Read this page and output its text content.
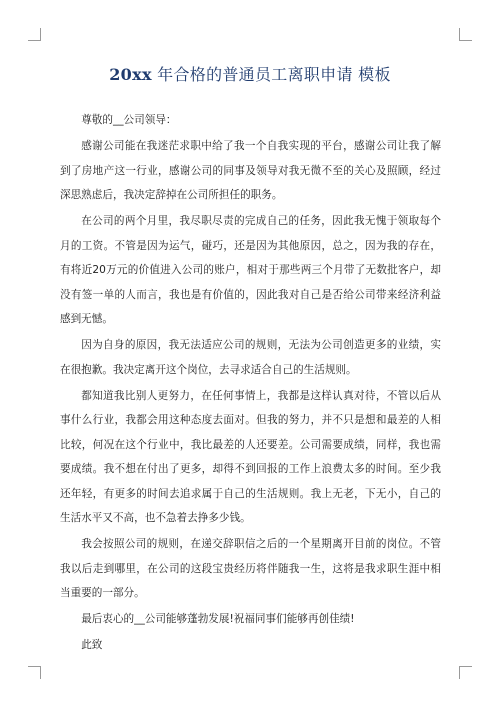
20xx 年合格的普通员工离职申请 模板

尊敬的__公司领导：

感谢公司能在我迷茫求职中给了我一个自我实现的平台，感谢公司让我了解到了房地产这一行业，感谢公司的同事及领导对我无微不至的关心及照顾，经过深思熟虑后，我决定辞掉在公司所担任的职务。

在公司的两个月里，我尽职尽责的完成自己的任务，因此我无愧于领取每个月的工资。不管是因为运气，碰巧，还是因为其他原因，总之，因为我的存在，有将近20万元的价值进入公司的账户，相对于那些两三个月带了无数批客户，却没有签一单的人而言，我也是有价值的，因此我对自己是否给公司带来经济利益感到无憾。

因为自身的原因，我无法适应公司的规则，无法为公司创造更多的业绩，实在很抱歉。我决定离开这个岗位，去寻求适合自己的生活规则。

都知道我比别人更努力，在任何事情上，我都是这样认真对待，不管以后从事什么行业，我都会用这种态度去面对。但我的努力，并不只是想和最差的人相比较，何况在这个行业中，我比最差的人还要差。公司需要成绩，同样，我也需要成绩。我不想在付出了更多，却得不到回报的工作上浪费太多的时间。至少我还年轻，有更多的时间去追求属于自己的生活规则。我上无老，下无小，自己的生活水平又不高，也不急着去挣多少钱。

我会按照公司的规则，在递交辞职信之后的一个星期离开目前的岗位。不管我以后走到哪里，在公司的这段宝贵经历将伴随我一生，这将是我求职生涯中相当重要的一部分。

最后衷心的__公司能够蓬勃发展!祝福同事们能够再创佳绩!

此致
